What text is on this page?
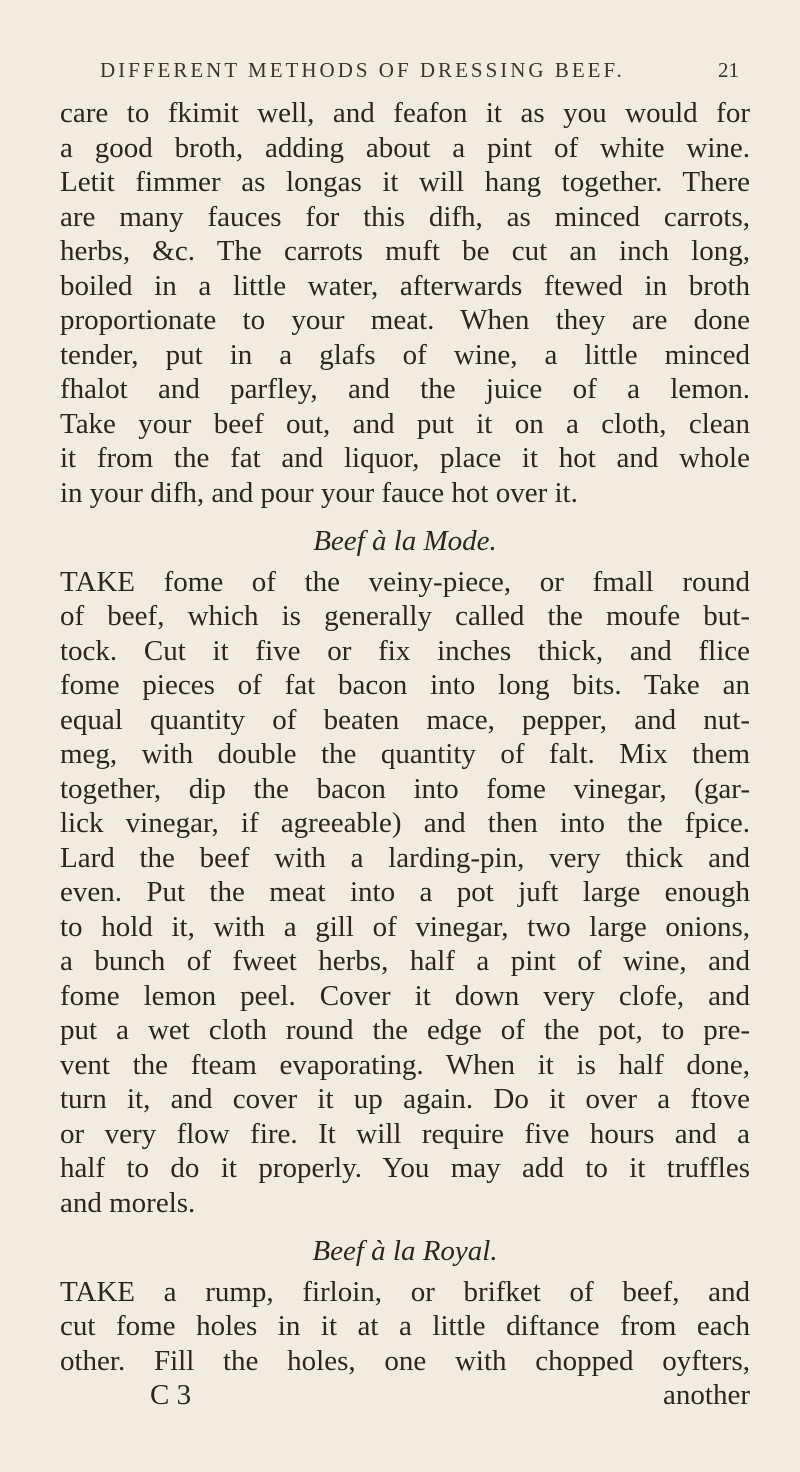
DIFFERENT METHODS OF DRESSING BEEF.	21
care to fkimit well, and feafon it as you would for
a good broth, adding about a pint of white wine.
Letit fimmer as longas it will hang together. There
are many fauces for this difh, as minced carrots,
herbs, &c. The carrots muft be cut an inch long,
boiled in a little water, afterwards ftewed in broth
proportionate to your meat. When they are done
tender, put in a glafs of wine, a little minced
fhalot and parfley, and the juice of a lemon.
Take your beef out, and put it on a cloth, clean
it from the fat and liquor, place it hot and whole
in your difh, and pour your fauce hot over it.
Beef à la Mode.
TAKE fome of the veiny-piece, or fmall round
of beef, which is generally called the moufe but-
tock. Cut it five or fix inches thick, and flice
fome pieces of fat bacon into long bits. Take an
equal quantity of beaten mace, pepper, and nut-
meg, with double the quantity of falt. Mix them
together, dip the bacon into fome vinegar, (gar-
lick vinegar, if agreeable) and then into the fpice.
Lard the beef with a larding-pin, very thick and
even. Put the meat into a pot juft large enough
to hold it, with a gill of vinegar, two large onions,
a bunch of fweet herbs, half a pint of wine, and
fome lemon peel. Cover it down very clofe, and
put a wet cloth round the edge of the pot, to pre-
vent the fteam evaporating. When it is half done,
turn it, and cover it up again. Do it over a ftove
or very flow fire. It will require five hours and a
half to do it properly. You may add to it truffles
and morels.
Beef à la Royal.
TAKE a rump, firloin, or brifket of beef, and
cut fome holes in it at a little diftance from each
other. Fill the holes, one with chopped oyfters,
C 3	another
